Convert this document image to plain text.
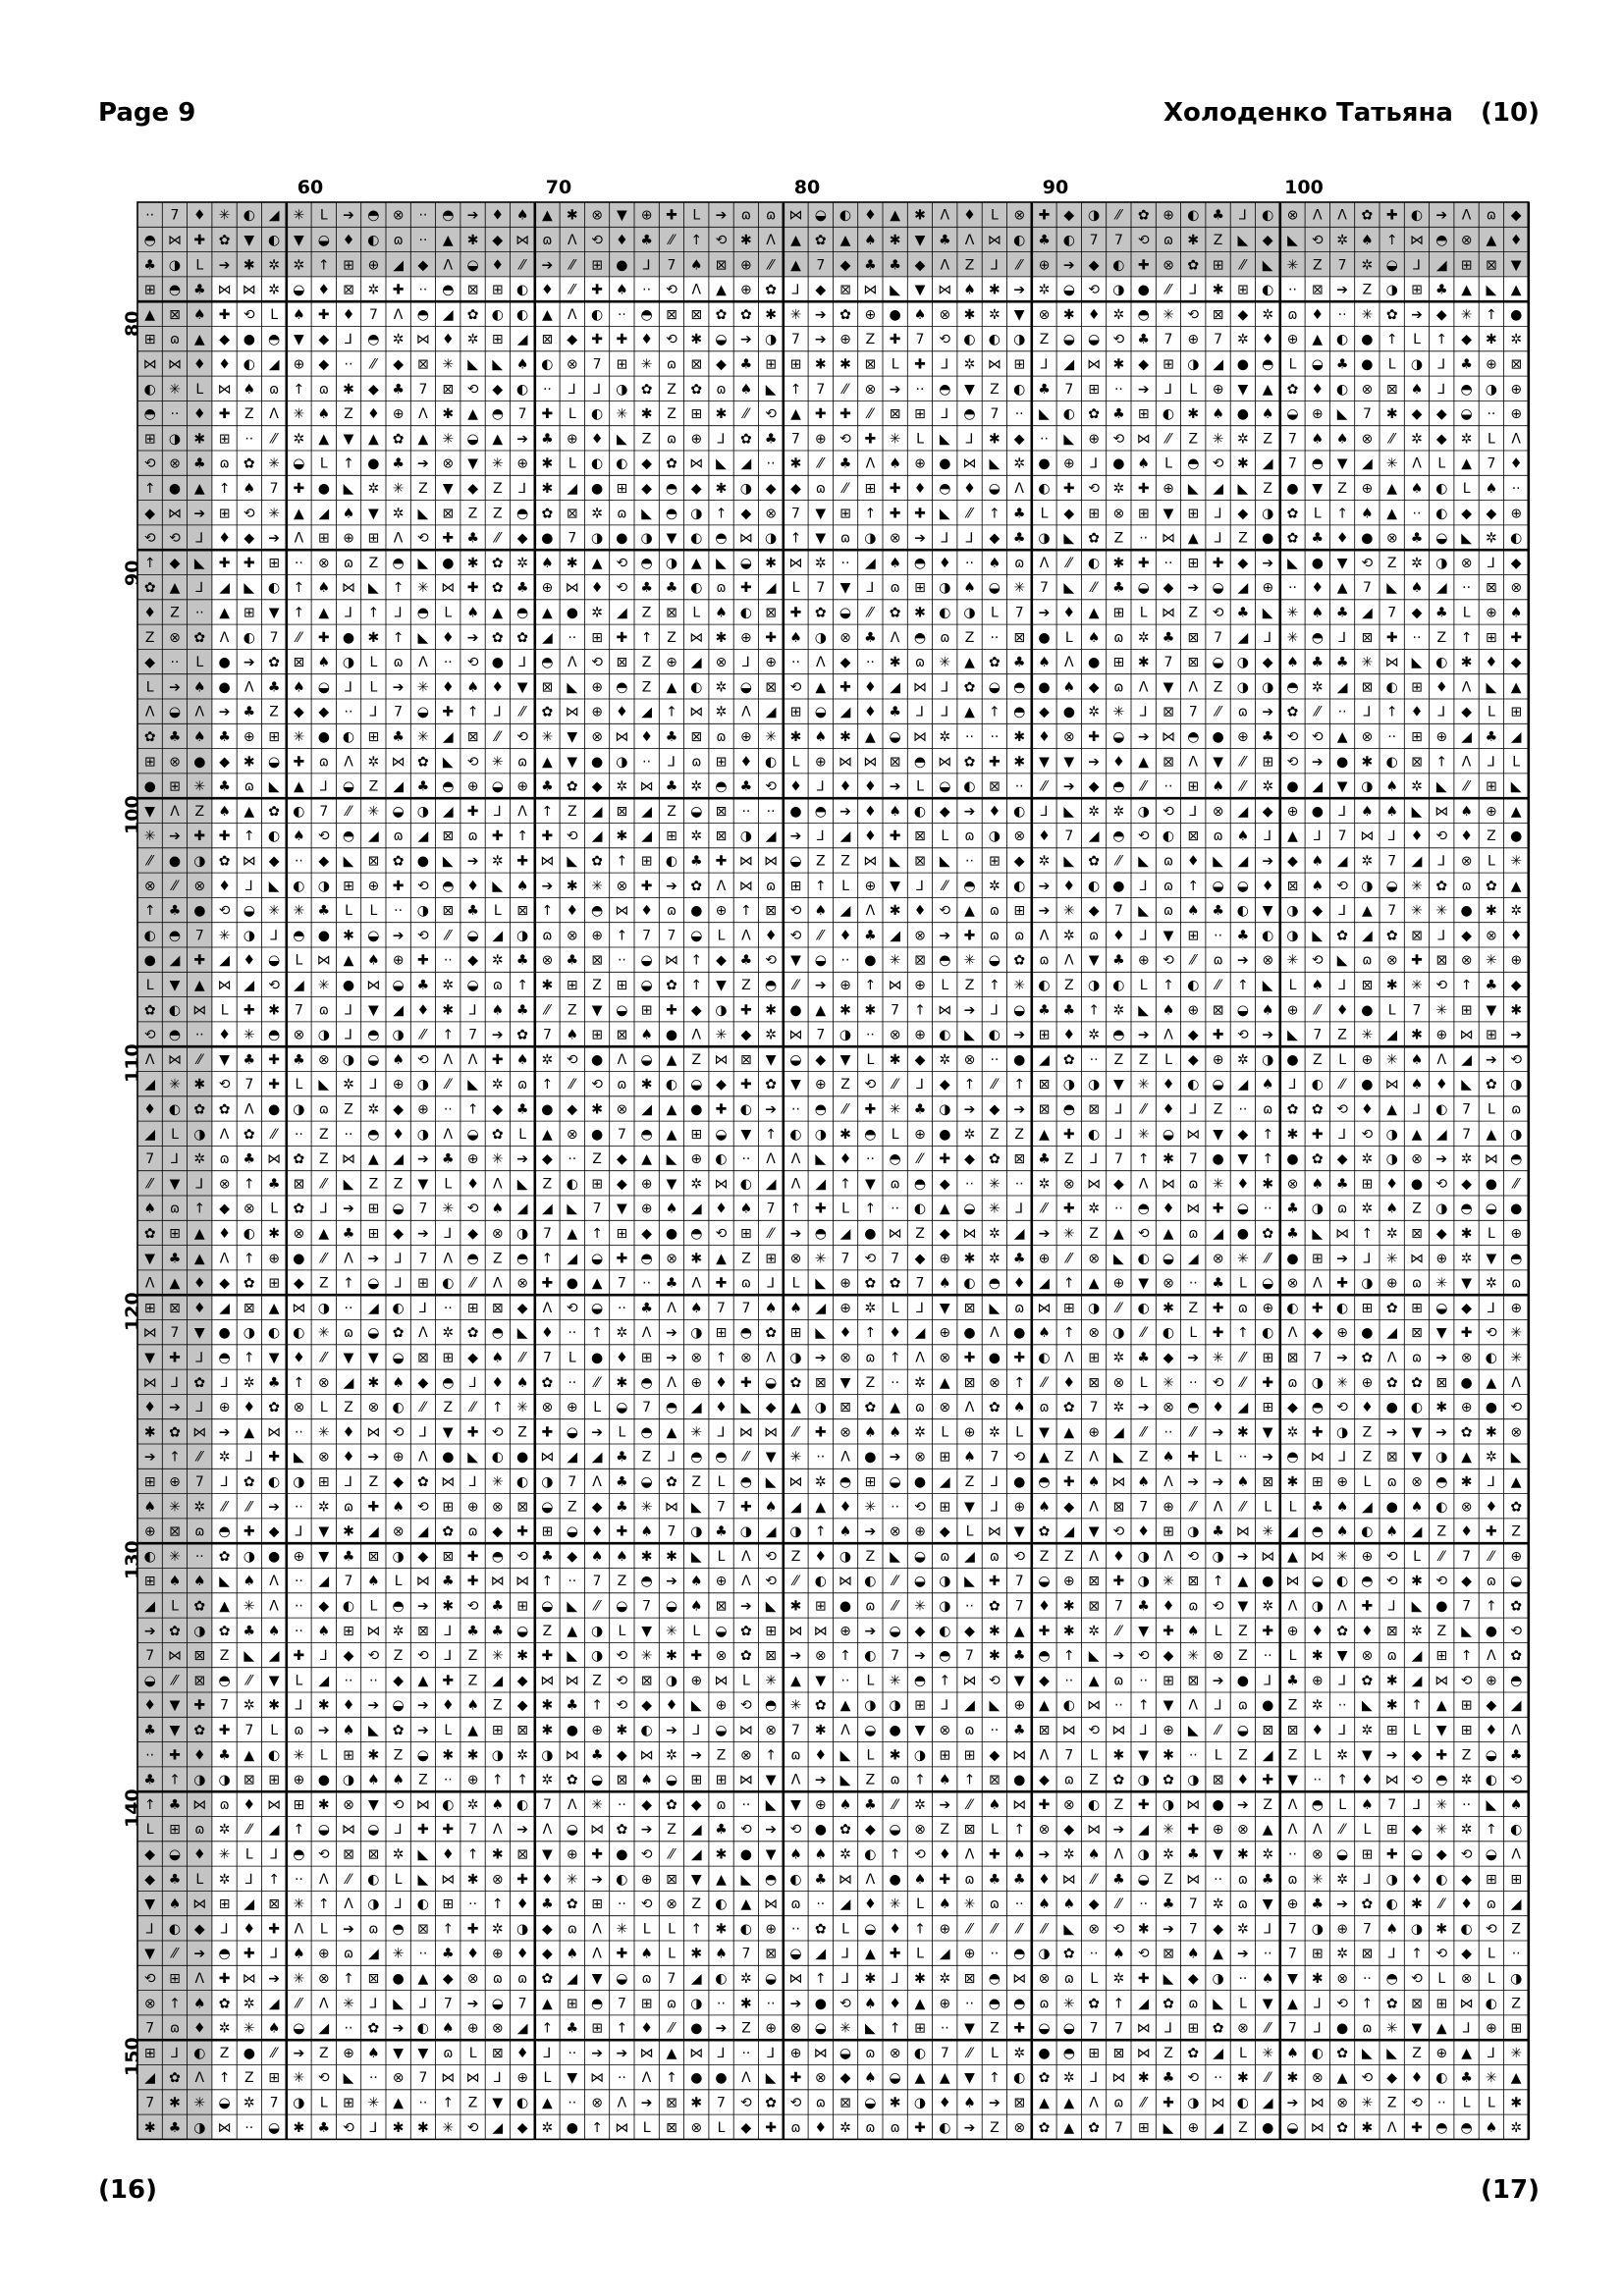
Page 9	Холоденко Татьяна (10)
60	70	80	90	100
80
90
100
110
120
130
140
150
⋅⋅ 7 ♦ ✳ ◐ ◢ ✳ L ➔ ◓ ⊗ ⋅⋅ ◓ ➔ ♦ ♠ ▲ ✱ ⊗ ▼ ⊕ ✚ L ➔ ɷ ɷ ⋈ ◒ ◐ ♦ ▲ ✱ Λ ♦ L ⊗ ✚ ◆ ◑ ⁄⁄ ✿ ⊕ ◐ ♣ ⅃ ◐ ⊗ Λ Λ ✿ ✚ ◐ ➔ Λ ɷ ◆
◓ ⋈ ✚ ✿ ▼ ◐ ▼ ◒ ♦ ◐ ɷ ⋅⋅ ▲ ✱ ◆ ⋈ ɷ Λ ⟲ ♦ ♣ ⁄⁄ ↑ ⟲ ✱ Λ ▲ ✿ ▲ ♠ ✱ ▼ ♣ Λ ⋈ ◐ ♣ ◐ 7 7 ⟲ ɷ ✱ Z ◣ ◆ ◣ ⟲ ✲ ♠ ↑ ⋈ ◓ ⊗ ▲ ♦
♣ ◑ L ➔ ✱ ✲ ✲ ↑ ⊞ ⊕ ◢ ◆ Λ ◒ ♦ ⁄⁄ ➔ ⁄⁄ ⊞ ● ⅃ 7 ♠ ⊠ ⊕ ⁄⁄ ▲ 7 ◆ ♣ ♣ ◆ Λ Z ⅃ ⁄⁄ ⊕ ➔ ◆ ◐ ✚ ⊗ ✿ ⊞ ⁄⁄ ◣ ✳ Z 7 ✲ ◒ ⅃ ◢ ⊞ ⊠ ▼
⊞ ◓ ♣ ⋈ ⋈ ✲ ◒ ♦ ⊠ ✲ ✚ ⋅⋅ ◓ ⊠ ⊞ ◐ ♦ ⁄⁄ ✚ ♠ ⋅⋅ ⟲ Λ ▲ ⊕ ✿ ⅃ ◆ ⊠ ⋈ ◣ ▼ ⋈ ♠ ✱ ➔ ✲ ◒ ⟲ ◑ ● ⁄⁄ ⅃ ✱ ⊞ ◐ ⋅⋅ ⊠ ➔ Z ◑ ⊞ ♣ ▲ ◣ ▲
▲ ⊠ ♠ ✚ ⟲ L ♠ ✚ ♦ 7 Λ ◓ ◢ ✿ ◐ ◐ ▲ Λ ◐ ⋅⋅ ◓ ⊠ ⊠ ✿ ✿ ✱ ✳ ➔ ✿ ⊕ ● ♠ ⊗ ✱ ✲ ▼ ⊗ ✱ ♦ ✲ ◓ ✳ ⟲ ⊠ ◆ ✲ ɷ ♦ ⋅⋅ ✳ ✿ ➔ ◆ ✳ ↑ ●
⊞ ɷ ▲ ◆ ● ◓ ▼ ◆ ⅃ ◓ ✲ ⋈ ♦ ✲ ⊞ ◢ ⊠ ◆ ✚ ✚ ♦ ⟲ ✱ ◒ ➔ ◑ 7 ➔ ⊕ Z ✚ 7 ⟲ ◐ ◐ ◑ Z ◒ ◒ ⟲ ♣ 7 ⊕ 7 ✲ ♦ ⊕ ▲ ◐ ● ↑ L ↑ ◆ ✱ ✲
⋈ ⋈ ♦ ♦ ◐ ◢ ⊕ ◆ ⋅⋅ ⁄⁄ ◆ ⊠ ✳ ◣ ◣ ♠ ◐ ⊗ 7 ⊞ ✳ ɷ ⊠ ◆ ♣ ⊞ ⊞ ✱ ✱ ⊠ L ✚ ⅃ ✲ ⋈ ⊞ ⅃ ◢ ⋈ ✱ ◆ ⊞ ◑ ◢ ● ◓ L ◒ ♣ ● L ◑ ⅃ ♣ ⊕ ⊠
◐ ✳ L ⋈ ♠ ɷ ↑ ɷ ✱ ◆ ♣ 7 ⊠ ⟲ ◆ ◐ ⋅⋅ ⅃ ⅃ ◑ ✿ Z ✿ ɷ ♠ ◣ ↑ 7 ⁄⁄ ⊗ ➔ ⋅⋅ ◓ ▼ Z ◐ ♣ 7 ⊞ ⋅⋅ ➔ ⅃ L ⊕ ▼ ▲ ✿ ♦ ◐ ⊗ ⊠ ♠ ⅃ ◓ ◑ ⊕
◓ ⋅⋅ ♦ ✚ Z Λ ✳ ♠ Z ♦ ⊕ Λ ✱ ▲ ◓ 7 ✚ L ◐ ✳ ✱ Z ⊞ ✱ ⁄⁄ ⟲ ▲ ✚ ✚ ⁄⁄ ⊠ ⊞ ⅃ ◓ 7 ⋅⋅ ◣ ◐ ✿ ♣ ⊞ ◐ ✱ ♠ ● ♠ ◒ ⊕ ◣ 7 ✱ ◆ ◆ ◒ ⋅⋅ ⊕
⊞ ◑ ✱ ⊞ ⋅⋅ ⁄⁄ ✲ ▲ ▼ ▲ ✿ ▲ ✳ ◒ ▲ ➔ ♣ ⊕ ♦ ◣ Z ɷ ⊕ ⅃ ✿ ♣ 7 ⊕ ⟲ ✚ ✳ L ◣ ⅃ ✱ ◆ ⋅⋅ ◣ ⊕ ⟲ ⋈ ⁄⁄ Z ✳ ✲ Z 7 ♠ ♠ ⊗ ⁄⁄ ✲ ◆ ✲ L Λ
⟲ ⊗ ♣ ɷ ✿ ✳ ◒ L ↑ ● ♣ ➔ ⊗ ▼ ✳ ⊕ ✱ L ◐ ◐ ◆ ✿ ⋈ ◣ ◢ ⋅⋅ ✱ ⁄⁄ ♣ Λ ♠ ⊕ ● ⋈ ◣ ✲ ● ⊕ ⅃ ● ♠ L ◓ ⟲ ✱ ◢ 7 ◓ ▼ ◢ ✳ Λ L ▲ 7 ♦
↑ ● ▲ ↑ ♠ 7 ✚ ● ◣ ✲ ✳ Z ▼ ◆ Z ⅃ ✱ ◢ ● ⊞ ◆ ◓ ◆ ✱ ◑ ◆ ◆ ɷ ⁄⁄ ⊞ ✚ ♦ ◓ ♦ ◒ Λ ◐ ✚ ⟲ ✲ ✚ ⊕ ◣ ◢ ◣ Z ● ▼ Z ⊕ ▲ ♠ ◐ L ♠ ⋅⋅
◆ ⋈ ➔ ⊞ ⟲ ✳ ▲ ◢ ♠ ▼ ✲ ◣ ⊠ Z Z ◓ ✿ ⊠ ✲ ɷ ◣ ◓ ◑ ↑ ◆ ⊗ 7 ▼ ⊞ ↑ ✚ ✚ ◣ ⁄⁄ ↑ ♣ L ◆ ⊞ ⊗ ⊞ ▼ ⊞ ⅃ ◆ ◑ ✿ L ↑ ♠ ▲ ⋅⋅ ◐ ◆ ◆ ⊕
⟲ ⟲ ⅃ ♦ ◆ ➔ Λ ⊞ ⊕ ⊞ Λ ⟲ ✚ ♣ ⁄⁄ ◆ ● 7 ◑ ● ◑ ▼ ◐ ◓ ⋈ ◑ ↑ ▼ ɷ ◑ ⊗ ➔ ⅃ ⅃ ◆ ♣ ◑ ◣ ✿ Z ⋅⋅ ⋈ ▲ ⅃ Z ● ✿ ♣ ♦ ● ⊗ ♣ ◒ ◣ ✲ ◐
↑ ◆ ◣ ✚ ✚ ⊞ ⋅⋅ ⊗ ɷ Z ◓ ◣ ● ✱ ✿ ✲ ♠ ✱ ▲ ⟲ ◓ ◑ ▲ ◣ ◒ ✱ ⋈ ✲ ⋅⋅ ◢ ♠ ◓ ♦ ⋅⋅ ♠ ɷ Λ ⁄⁄ ◐ ✱ ✚ ⋅⋅ ⊞ ✚ ◆ ➔ ◣ ● ▼ ⟲ Z ✲ ◑ ⊗ ⅃ ◆
✿ ▲ ⅃ ◢ ◣ ◐ ↑ ♠ ⋈ ◣ ↑ ✳ ⋈ ✚ ✿ ♣ ⊕ ⋈ ♦ ⟲ ♣ ♣ ◐ ɷ ✚ ◢ L 7 ▼ ⅃ ɷ ⊞ ◑ ♠ ◒ ✳ 7 ◣ ⁄⁄ ♣ ◒ ◆ ➔ ◒ ◢ ⊕ ⋅⋅ ♦ ▲ 7 ◣ ♠ ◢ ⋅⋅ ⊠ ⊗
♦ Z ⋅⋅ ▲ ⊞ ▼ ↑ ▲ ⅃ ↑ ⅃ ◓ L ♠ ▲ ◓ ▲ ● ✲ ◢ Z ⊠ L ♠ ◐ ⊠ ✚ ✿ ◒ ⁄⁄ ✿ ✱ ◐ ◑ L 7 ➔ ♦ ▲ ⊞ L ⋈ Z ⟲ ♣ ◣ ✳ ♠ ♣ ◢ 7 ◆ ♣ L ⊕ ♠
Z ⊗ ✿ Λ ◐ 7 ⁄⁄ ✚ ● ✱ ↑ ◣ ♦ ➔ ✿ ✿ ◢ ⋅⋅ ⊞ ✚ ↑ Z ⋈ ✱ ⊕ ✚ ♠ ◑ ⊗ ♣ Λ ◓ ɷ Z ⋅⋅ ⊠ ● L ♠ ɷ ✲ ♣ ⊠ 7 ◢ ⅃ ✳ ◓ ⅃ ⊠ ✚ ⋅⋅ Z ↑ ⊞ ✚
◆ ⋅⋅ L ● ➔ ✿ ⊠ ♠ ◑ L ɷ Λ ⋅⋅ ⟲ ● ⅃ ◓ Λ ⟲ ⊠ Z ⊕ ◢ ⊗ ⅃ ⊕ ⋅⋅ Λ ◆ ⋅⋅ ✱ ɷ ✳ ▲ ✿ ♣ ♠ Λ ● ⊞ ✱ 7 ⊠ ◒ ◑ ◆ ♠ ♣ ♣ ✳ ⋈ ◣ ◐ ✱ ♦ ◆
L ➔ ♠ ● Λ ♣ ♠ ◒ ⅃ L ➔ ✳ ♦ ♠ ♦ ▼ ⊠ ◣ ⊕ ◓ Z ▲ ◐ ✲ ◒ ⊠ ⟲ ▲ ✚ ♦ ◢ ⋈ ⅃ ✿ ◒ ◓ ● ♠ ◆ ɷ Λ ▼ Λ Z ◑ ◑ ◓ ✲ ◢ ⊠ ◐ ⊞ ♦ Λ ◣ ▲
Λ ◒ Λ ➔ ♣ Z ◆ ◆ ⋅⋅ ⅃ 7 ◒ ✚ ↑ ⅃ ⁄⁄ ✿ ⋈ ⊕ ♦ ◢ ↑ ⋈ ✲ Λ ◢ ⊞ ◒ ◢ ♦ ♣ ⅃ ⅃ ▲ ↑ ◓ ◆ ● ✲ ✳ ⅃ ⊠ 7 ⁄⁄ ɷ ➔ ✿ ⁄⁄ ⋅⋅ ⅃ ↑ ♦ ⅃ ◆ L ⊞
✿ ♣ ♠ ♣ ⊕ ⊞ ✳ ● ◐ ⊞ ♣ ✳ ◢ ⊠ ⁄⁄ ⟲ ✳ ▼ ⊗ ⋈ ♦ ♣ ⊠ ɷ ⊕ ✳ ✱ ♠ ✱ ▲ ◒ ⋈ ✲ ⋅⋅ ⋅⋅ ✱ ♦ ⊗ ✚ ◒ ➔ ⋈ ◓ ● ⊕ ♣ ⟲ ⟲ ▲ ⊗ ⋅⋅ ⊞ ⊕ ◢ ♣ ◢
⊞ ⊗ ● ◆ ✱ ◒ ✚ ɷ Λ ✲ ⋈ ✿ ◣ ⟲ ✳ ɷ ▲ ▼ ● ◑ ⋅⋅ ⅃ ɷ ⊞ ♦ ◐ L ⊕ ⋈ ⋈ ⊠ ◓ ⋈ ✿ ✚ ✱ ▼ ▼ ➔ ♦ ▲ ⊠ Λ ▼ ⁄⁄ ⊞ ⟲ ➔ ● ✱ ◐ ⊠ ↑ Λ ⅃ L
● ⊞ ✳ ♣ ɷ ◣ ▲ ⅃ ◒ Z ◢ ♣ ◓ ⊕ ◒ ⊕ ♣ ✿ ◆ ✲ ⋈ ♣ ✲ ◓ ♣ ⟲ ♦ ⅃ ♦ ♦ ➔ L ◒ ◐ ⊠ ⋅⋅ ⁄⁄ ➔ ◆ ◓ ⁄⁄ ⋅⋅ ⊞ ♠ ⁄⁄ ✲ ● ◢ ▼ ◑ ♠ ✲ ◣ ⁄⁄ ⊞ ◣
▼ Λ Z ♠ ▲ ✿ ◐ 7 ⁄⁄ ✳ ◒ ◑ ◢ ✚ ⅃ Λ ↑ Z ◢ ⊠ ◢ Z ◒ ⊠ ⋅⋅ ⋅⋅ ● ◓ ➔ ♦ ♠ ◐ ◆ ➔ ♦ ◐ ⅃ ◣ ✲ ✲ ◑ ⟲ ⅃ ⊗ ◢ ◆ ⊕ ● ⅃ ♠ ♠ ◣ ⋈ ♠ ⊕ ▲
✳ ➔ ✚ ✚ ↑ ◐ ♠ ⟲ ◓ ◢ ɷ ◢ ⊠ ɷ ✚ ↑ ✚ ⟲ ◢ ✱ ◢ ⊞ ✲ ⊠ ◑ ◢ ➔ ⅃ ◢ ♦ ✚ ⊠ L ɷ ◑ ⊗ ♦ 7 ◢ ◓ ⟲ ◐ ⊠ ɷ ♠ ⅃ ▲ ⅃ 7 ⋈ ⅃ ♦ ⟲ ♦ Z ●
⁄⁄ ● ◑ ✿ ⋈ ◆ ⋅⋅ ◆ ◣ ⊠ ✿ ● ◣ ➔ ✲ ✚ ⋈ ◣ ✿ ↑ ⊞ ◐ ♣ ✚ ⋈ ⋈ ◒ Z Z ⋈ ◣ ⊠ ◣ ⋅⋅ ⊞ ◆ ✲ ◣ ✿ ⁄⁄ ◣ ɷ ♦ ◣ ◢ ➔ ◆ ♠ ◢ ✲ 7 ◢ ⅃ ⊗ L ✳
⊗ ⁄⁄ ⊗ ♦ ⅃ ◣ ◐ ◑ ⊞ ⊕ ✚ ⟲ ◓ ♦ ◣ ♠ ➔ ✱ ✳ ⊗ ✚ ➔ ✿ Λ ⋈ ɷ ⊞ ↑ L ⊕ ▼ ⅃ ⁄⁄ ◓ ✲ ◐ ➔ ♦ ◐ ● ⅃ ɷ ↑ ◒ ◒ ♦ ⊠ ♠ ⟲ ◑ ◒ ✳ ✿ ɷ ✿ ▲
↑ ♣ ● ⟲ ◒ ✳ ✳ ♣ L L ⋅⋅ ◑ ⊠ ♣ L ⊠ ↑ ♦ ◓ ⋈ ♦ ɷ ● ⊕ ↑ ⊠ ⟲ ♠ ◢ Λ ✱ ♦ ⟲ ▲ ɷ ⊞ ➔ ✳ ◆ 7 ◣ ɷ ♠ ♣ ◐ ▼ ◑ ◆ ⅃ ▲ 7 ✳ ✳ ● ✱ ✲
◐ ◓ 7 ✳ ◑ ⅃ ◓ ● ✱ ◒ ➔ ⟲ ⁄⁄ ◒ ◢ ◑ ɷ ⊗ ⊕ ↑ 7 7 ◒ L Λ ♦ ⟲ ⁄⁄ ♦ ♣ ◢ ⊗ ➔ ✚ ɷ ɷ Λ ✲ ɷ ♦ ⅃ ▼ ⊞ ⋅⋅ ♣ ◐ ◑ ◣ ✿ ◢ ✿ ⊠ ⅃ ◆ ⊗ ♦
● ◢ ✚ ◢ ♦ ◒ L ⋈ ▲ ♠ ⊕ ✚ ⋅⋅ ◆ ✲ ♣ ⊗ ♣ ⊠ ⋅⋅ ◒ ⋈ ↑ ◆ ♣ ⟲ ▼ ◒ ⋅⋅ ● ✳ ⊠ ◓ ✳ ◒ ✿ ɷ Λ ▼ ♣ ⊕ ⟲ ⁄⁄ ɷ ➔ ⊗ ✳ ⟲ ◣ ɷ ⊗ ✚ ⊠ ⊗ ✳ ⊕
L ▼ ▲ ⋈ ◢ ⟲ ◢ ✳ ● ⋈ ◒ ♣ ✲ ◒ ɷ ↑ ✱ ⊞ Z ⊞ ◒ ✿ ↑ ▼ Z ◓ ⁄⁄ ➔ ⊕ ↑ ⋈ ⊕ L Z ↑ ✳ ◐ Z ◑ ◐ L ↑ ◐ ⁄⁄ ↑ ◣ L ♠ ⅃ ⊠ ✱ ✳ ⟲ ↑ ♣ ◆
✿ ◐ ⋈ L ✚ ✱ 7 ɷ ⅃ ▼ ◢ ♦ ✱ ⅃ ♠ ♣ ⁄⁄ Z ▼ ◒ ⊞ ✚ ◆ ◑ ✚ ✱ ● ▲ ✱ ✱ 7 ↑ ⋈ ➔ ⅃ ◒ ♣ ♣ ↑ ✲ ◣ ♠ ⊕ ⊠ ◒ ♠ ⊕ ⁄⁄ ♦ ● L 7 ✳ ⊞ ▼ ✱
⟲ ◓ ⋅⋅ ♦ ✳ ◓ ⊗ ◑ ⅃ ◓ ◑ ⁄⁄ ↑ 7 ➔ ✿ 7 ♠ ⊞ ⊠ ♠ ● Λ ✳ ◆ ✲ ⋈ 7 ◑ ⋅⋅ ⊗ ⊕ ◐ ◣ ◐ ➔ ⊞ ♦ ✲ ◓ ➔ Λ ◆ ✚ ⟲ ➔ ◣ 7 Z ✳ ◢ ✱ ⊕ ⋈ ⊞ ➔
Λ ⋈ ⁄⁄ ▼ ♣ ✚ ♣ ⊗ ◑ ◒ ♠ ⟲ Λ Λ ✚ ♠ ✲ ⟲ ● Λ ◒ ▲ Z ⋈ ⊠ ▼ ◒ ◆ ▼ L ✱ ◆ ✲ ⊗ ⋅⋅ ● ◢ ✿ ⋅⋅ Z Z L ◆ ⊕ ✲ ◑ ● Z L ⊕ ✳ ♠ Λ ◢ ➔ ⟲
◢ ✳ ✱ ⟲ 7 ✚ L ◣ ✲ ⅃ ⊕ ◑ ⁄⁄ ◣ ✲ ɷ ↑ ⁄⁄ ⟲ ɷ ✱ ◐ ◒ ◆ ✚ ✿ ▼ ⊕ Z ⟲ ⁄⁄ ⅃ ◆ ↑ ⁄⁄ ↑ ⊠ ◑ ◑ ▼ ✳ ♦ ◐ ◒ ◢ ♠ ⅃ ◐ ⁄⁄ ● ⋈ ♠ ♦ ◣ ✿ ◑
♦ ◐ ✿ ✿ Λ ● ◑ ɷ Z ✲ ◆ ⊕ ⋅⋅ ↑ ◆ ♣ ● ◆ ✱ ⊗ ◢ ▲ ● ✚ ◐ ➔ ⋅⋅ ◓ ⁄⁄ ✚ ✳ ♣ ◑ ➔ ◆ ➔ ⊠ ◓ ⊠ ⅃ ⁄⁄ ♦ ⅃ Z ⋅⋅ ɷ ✿ ✿ ⟲ ♦ ▲ ⅃ ◐ 7 L ɷ
◢ L ◑ Λ ✿ ⁄⁄ ⋅⋅ Z ⋅⋅ ◓ ♦ ◑ Λ ◒ ✿ L ▲ ⊗ ● 7 ◓ ▲ ⊞ ◒ ▼ ↑ ◐ ◑ ✱ ◓ L ⊕ ● ✲ Z Z ▲ ✚ ◐ ⅃ ✳ ◒ ⋈ ▼ ◆ ↑ ✱ ✚ ⅃ ⟲ ◑ ▲ ◢ 7 ▲ ◑
7 ⅃ ✲ ɷ ♣ ⋈ ✿ Z ⋈ ▲ ◢ ➔ ♣ ⊕ ✳ ➔ ◆ ⋅⋅ Z ◆ ▲ ◣ ⊕ ◐ ⋅⋅ Λ Λ ◣ ♦ ⋅⋅ ◓ ⁄⁄ ✚ ◆ ✿ ⊠ ♣ Z ⅃ 7 ↑ ✱ 7 ● ▼ ↑ ● ✿ ◆ ✲ ◑ ⊗ ➔ ✲ ⋈ ◓
⁄⁄ ▼ ⅃ ⊗ ↑ ♣ ⊠ ⁄⁄ ◣ Z Z ▼ L ♦ Λ ◣ Z ◐ ⊞ ◆ ⊕ ▼ ✲ ⋈ ◐ ◢ Λ ◢ ↑ ▼ ɷ ◓ ◆ ⋅⋅ ✳ ⋅⋅ ✲ ⊗ ⋈ ◆ Λ ⋈ ɷ ✳ ♦ ✱ ⊗ ♠ ♣ ⊞ ♦ ● ⟲ ◆ ● ⁄⁄
♠ ɷ ↑ ◆ ⊗ L ✿ ⅃ ➔ ⊞ ◒ 7 ✳ ⟲ ♠ ◢ ◢ ◣ 7 ▼ ⊕ ♠ ◢ ♦ ♠ 7 ↑ ✚ L ↑ ⋅⋅ ◐ ▲ ◒ ✳ ⅃ ⁄⁄ ✚ ✲ ⋅⋅ ◓ ♦ ⋈ ✚ ◒ ⋅⋅ ♣ ◑ ɷ ✲ ♠ Z ◑ ◓ ◒ ●
✿ ⊞ ▲ ♦ ◐ ✱ ⊗ ▲ ♣ ⊞ ◆ ➔ ⅃ ◆ ⊗ ◑ 7 ▲ ↑ ⊞ ◆ ● ◓ ⟲ ⊞ ⁄⁄ ➔ ◓ ◢ ● ⋈ Z ◆ ⋈ ✲ ◢ ➔ ✳ Z ▲ ⟲ ▲ ɷ ◢ ● ✿ ♣ ◣ ⋈ ↑ ✲ ⊠ ◆ ✱ L ⊕
▼ ♣ ▲ Λ ↑ ⊕ ● ⁄⁄ Λ ➔ ⅃ 7 Λ ◓ Z ◓ ↑ ◢ ◒ ✚ ◓ ⊗ ✱ ▲ Z ⊞ ⊗ ✳ 7 ⟲ 7 ◆ ⊕ ✱ ✲ ♣ ⊕ ⁄⁄ ⊗ ◣ ◐ ◒ ◢ ⊗ ✳ ⁄⁄ ● ⊞ ➔ ⅃ ✳ ⋈ ⊕ ✲ ▼ ◓
Λ ▲ ♦ ◆ ✿ ⊞ ◆ Z ↑ ◒ ⅃ ⊞ ◐ ⁄⁄ Λ ⊗ ✚ ● ▲ 7 ⋅⋅ ♣ Λ ✚ ɷ ⅃ L ◣ ⊕ ✿ ✿ 7 ♠ ◐ ◓ ♦ ◢ ↑ ▲ ⊕ ▼ ⊗ ⋅⋅ ♣ L ◒ ⊗ Λ ✚ ◑ ⊕ ɷ ✳ ▼ ✲ ɷ
⊞ ⊠ ♦ ◢ ⊠ ▲ ⋈ ◑ ⋅⋅ ◢ ◐ ⅃ ⋅⋅ ⊞ ⊠ ◆ Λ ⟲ ◒ ⋅⋅ ♣ Λ ♠ 7 7 ♠ ♠ ◢ ⊕ ✲ L ⅃ ▼ ⊠ ◣ ɷ ⋈ ⊞ ◑ ⁄⁄ ◐ ✱ Z ✚ ɷ ⊕ ◐ ✚ ◐ ⊞ ✿ ⊞ ◒ ◆ ⅃ ⊕
⋈ 7 ▼ ● ◑ ◐ ◐ ✳ ɷ ◒ ✿ Λ ✲ ✿ ◓ ◣ ♦ ⋅⋅ ↑ ✲ Λ ➔ ◑ ⊞ ◓ ✿ ⊞ ◣ ♦ ↑ ♦ ◢ ⊕ ● Λ ● ♠ ↑ ⊗ ◑ ⁄⁄ ◐ L ✚ ↑ ◐ Λ ◆ ⊕ ● ◢ ⊠ ▼ ✚ ⟲ ✳
▼ ✚ ⅃ ◓ ↑ ▼ ♦ ⁄⁄ ▼ ▼ ◒ ⊠ ⊞ ◆ ♠ ⁄⁄ 7 L ● ♦ ⊞ ➔ ⊗ ↑ ⊗ Λ ◑ ➔ ⊗ ɷ ↑ Λ ⊗ ✚ ● ✚ ◐ Λ ⊞ ✲ ♣ ◆ ➔ ✳ ⁄⁄ ⊞ ⊠ 7 ➔ ✿ Λ ɷ ➔ ⊗ ◐ ✳
⋈ ⅃ ✿ ⅃ ✲ ♣ ↑ ⊗ ◢ ✱ ♠ ◆ ◓ ⅃ ♦ ♠ ✿ ⋅⋅ ⁄⁄ ✱ ◓ Λ ⊕ ♦ ✚ ◒ ✿ ⊠ ▼ Z ⋅⋅ ✲ ▲ ⊠ ⊗ ↑ ⁄⁄ ♦ ⊠ ⊗ L ✳ ⋅⋅ ⟲ ⁄⁄ ✚ ɷ ◑ ✳ ⊕ ✿ ✿ ⊠ ● ▲ Λ
♦ ➔ ⅃ ⊕ ♦ ✿ ⊗ L Z ⊗ ◐ ⁄⁄ Z ⁄⁄ ↑ ✳ ⊗ ⊕ L ◒ 7 ◓ ◢ ♦ ◣ ◆ ▲ ◑ ⊠ ✿ ▲ ɷ ⊗ Λ ✿ ♠ ɷ ✿ 7 ✲ ➔ ⊗ ◓ ♦ ◢ ⊞ ◆ ◓ ⟲ ♦ ● ◐ ✱ ⊕ ● ⟲
✱ ✿ ⋈ ➔ ▲ ⋈ ⋅⋅ ✳ ♦ ⋈ ⟲ ⅃ ▼ ✚ ⟲ Z ✚ ◒ ➔ L ◓ ▲ ✳ ⅃ ⋈ ⋈ ⁄⁄ ✚ ⊗ ♠ ♠ ✲ L ⊕ ✲ L ▼ ▲ ⊕ ◢ ⁄⁄ ⋅⋅ ⁄⁄ ➔ ✱ ▼ ✲ ✚ ◑ Z ➔ ▼ ➔ ✿ ✱ ⊗
➔ ↑ ⁄⁄ ✲ ⅃ ✚ ◣ ⊗ ♦ ➔ ⊕ Λ ● ◣ ◐ ● ⋈ ◢ ◢ ♣ Z ⅃ ◓ ◓ ⁄⁄ ▼ ✳ ⋅⋅ Λ ● ➔ ⊗ ⊞ ♠ 7 ⟲ ▲ Z Λ ◣ Z ♠ ✚ L ⋅⋅ ➔ ◓ ⋈ ⅃ Z ⊠ ▼ ◑ ▲ ✲ ◣
⊞ ⊕ 7 ⅃ ✿ ◐ ◑ ⊞ ⅃ Z ◆ ✿ ⋈ ⅃ ✳ ◐ ◑ 7 Λ ♣ ◒ ✿ Z L ◓ ◣ ⋈ ✲ ◓ ⊞ ◒ ● ◢ Z ⅃ ● ◓ ✚ ♠ ⋈ ♠ Λ ➔ ➔ ♠ ⊠ ✱ ⊞ ⊕ L ɷ ⊗ ◓ ✱ ⅃ ▲
♠ ✳ ✲ ⁄⁄ ⁄⁄ ➔ ⋅⋅ ✲ ɷ ✚ ♠ ⟲ ⊞ ⊕ ⊗ ⊠ ◒ Z ◆ ♣ ✳ ⋈ ◣ 7 ✚ ♠ ◢ ▲ ♦ ✳ ⋅⋅ ⟲ ⊞ ▼ ⅃ ⊕ ♠ ◆ Λ ⊠ 7 ⊕ ⁄⁄ Λ ⁄⁄ L L ♣ ♠ ◢ ● ♠ ◐ ⊗ ♦ ✿
⊕ ⊠ ɷ ◓ ✚ ◆ ⅃ ▼ ✱ ◢ ⊗ ◢ ✿ ɷ ◆ ✚ ⊞ ◒ ♦ ✚ ♠ 7 ◑ ♣ ◑ ◢ ◑ ↑ ♠ ➔ ⊗ ⊕ ◆ L ⋈ ▼ ✿ ◢ ▼ ⟲ ♦ ⊞ ◑ ♣ ⋈ ✳ ◢ ◓ ♠ ◐ ♠ ◢ Z ♦ ✚ Z
◐ ✳ ⋅⋅ ✿ ◑ ● ⊕ ▼ ♣ ⊠ ◑ ◆ ⊠ ✚ ◓ ⟲ ♣ ◆ ♠ ♠ ✱ ✱ ◣ L Λ ⟲ Z ♦ ◑ Z ◣ ◒ ɷ ◢ ɷ ⟲ Z Z Λ ♦ ◑ Λ ⟲ ◑ ➔ ⋈ ▲ ⋈ ✳ ⊕ ⟲ L ⁄⁄ 7 ⁄⁄ ⊕
⊞ ♠ ♠ ◣ ♠ Λ ⋅⋅ ◢ 7 ♠ L ⋈ ♣ ✚ ⋈ ⋈ ↑ ⋅⋅ 7 Z ◓ ➔ ♠ ⊕ Λ ⟲ ⁄⁄ ◐ ⋈ ◐ ⁄⁄ ◒ ◑ ◣ ✚ 7 ◒ ⊕ ⊠ ✚ ◑ ✳ ⊠ ↑ ▲ ● ⋈ ◒ ◐ ◓ ⟲ ✱ ⟲ ◆ ɷ ◒
◢ L ✿ ▲ ✳ Λ ⋅⋅ ◆ ◐ L ◓ ➔ ✱ ⟲ ♣ ⊞ ◒ ◣ ⁄⁄ ◒ 7 ◒ ♠ ⊠ ➔ ◣ ✱ ⊞ ● ɷ ⁄⁄ ✳ ◑ ⋅⋅ ✿ 7 ♦ ✱ ⊠ 7 ♣ ♦ ɷ ⟲ ▼ ✲ Λ ◑ Λ ✚ ⅃ ◣ ● 7 ↑ ✿
➔ ✿ ◑ ✿ ♣ ♠ ⋅⋅ ♠ ⊞ ⋈ ✲ ⊠ ⅃ ♣ ♣ ◒ Z ▲ ◑ L ▼ ✳ L ◒ ✿ ⊞ ⋈ ⋈ ⊕ ➔ ◒ ◆ ◐ ◆ ✱ ▲ ✚ ✱ ✲ ⁄⁄ ▼ ✚ ♠ L Z ✚ ⊕ ♦ ✿ ♦ ⊠ ✲ Z ◣ ● ⟲
7 ⋈ ⊠ Z ◣ ◢ ✚ ⅃ ◆ ⟲ Z ⟲ ⅃ Z ✳ ✱ ✚ ◣ ◑ ⟲ ✳ ✱ ✚ ⊗ ✿ ⊠ ➔ ⊗ ↑ ◐ 7 ➔ ◓ 7 ✱ ♣ ◓ ↑ ◣ ➔ ⟲ ◆ ✳ ⊗ Z ⋅⋅ L ✱ ▼ ⊗ ɷ ◢ ⊞ ↑ Λ ✿
◒ ⁄⁄ ⊠ ◓ ⁄⁄ ▼ L ◢ ⋅⋅ ⋅⋅ ◆ ▲ ✚ Z ◢ ◆ ⋈ ⋈ Z ⟲ ⊠ ◑ ⊕ ⋈ L ✳ ▲ ▼ ⋅⋅ L ✳ ◓ ↑ ⋈ ⟲ ▼ ◆ ⋅⋅ ▲ ɷ ⋅⋅ ⊞ ⊠ ➔ ● ⅃ ♣ ⊕ ⅃ ✿ ✱ ◢ ⋈ ⟲ ⊕ ◓
♦ ▼ ✚ 7 ✲ ✱ ⅃ ✱ ♦ ➔ ◒ ➔ ♦ ♠ Z ◆ ✱ ♣ ↑ ⟲ ◆ ♦ ◣ ⊕ ⟲ ◓ ✳ ✿ ▲ ◑ ◑ ⊞ ⅃ ◢ ◣ ⊕ ▲ ◐ ⋈ ⋅⋅ ↑ ▼ Λ ⅃ ɷ ● Z ✲ ⋅⋅ ◣ ✱ ↑ ▲ ⊞ ◆ ◢
♣ ▼ ✿ ✚ 7 L ɷ ➔ ♠ ◣ ✿ ➔ L ▲ ⊞ ⊠ ✱ ● ⊕ ✱ ◐ ➔ ⅃ ◒ ⋈ ⊗ 7 ✱ Λ ◒ ● ▼ ⊗ ɷ ⋅⋅ ♣ ⊠ ⋈ ⟲ ⋈ ⅃ ⊕ ◣ ⁄⁄ ◒ ⊠ ⊠ ♦ ⅃ ✲ ⊞ L ▼ ⊞ ♦ Λ
⋅⋅ ✚ ♦ ♣ ▲ ◐ ✳ L ⊞ ✱ Z ◒ ✱ ✱ ◑ ✲ ◑ ⋈ ♣ ◆ ⋈ ✲ ➔ Z ⊗ ↑ ɷ ♦ ◣ L ✱ ◑ ⊞ ⊞ ◆ ⋈ Λ 7 L ✱ ▼ ✱ ⋅⋅ L Z ◢ Z L ✲ ▼ ➔ ◆ ✚ Z ◒ ♣
♣ ↑ ◑ ◑ ⊠ ⊞ ⊕ ● ◑ ♠ ♠ Z ⋅⋅ ⊕ ↑ ↑ ✲ ✿ ◒ ⊠ ♠ ◒ ⊞ ⊞ ⋈ ▼ Λ ➔ ◣ Z ɷ ↑ ♠ ↑ ⊠ ● ◆ ɷ Z ✿ ◑ ✿ ◑ ⊠ ♦ ✚ ▼ ⋅⋅ ↑ ♦ ⋈ ⟲ ◓ ✲ ◐ ⟲
↑ ♣ ⋈ ɷ ♦ ⋈ ⊞ ✱ ⊗ ▼ ⟲ ⋈ ◐ ✲ ♠ ◐ 7 Λ ✳ ⋅⋅ ◆ ✿ ◆ ɷ ⋅⋅ ◣ ▼ ⊕ ♠ ♣ ⁄⁄ ✲ ➔ ⁄⁄ ♠ ⋈ ✚ ⊗ ◐ Z ✚ ◑ ⋈ ● ➔ Z Λ ◓ L ♠ 7 ⅃ ✳ ⋅⋅ ◣ ♠
L ⊞ ɷ ✲ ⁄⁄ ◢ ↑ ◒ ⋈ ◒ ⅃ ✚ ✚ 7 Λ ➔ Λ ◒ ⋈ ✿ ➔ Z ◢ ♣ ⟲ ➔ ⟲ ● ✿ ◆ ◒ ⊗ Z ⊠ L ↑ ⊗ ◆ ⋈ ➔ ◢ ✳ ✚ ⊕ ⊗ ▲ Λ Λ ⁄⁄ L ⊞ ◆ ✳ ✲ ↑ ◐
◆ ◒ ♦ ✳ L ⅃ ◓ ⟲ ⊠ ⊠ ✲ ◣ ♦ ↑ ✱ ⊠ ▼ ⊕ ✚ ● ⟲ ⁄⁄ ◢ ✱ ● ▼ ♠ ♠ ✲ ◐ ↑ ⟲ ♦ Λ ✚ ♠ ➔ ✲ ♠ Λ ◑ ✲ ♣ ▼ ✱ ✲ ⋅⋅ ⊗ ◒ ⊞ ✚ ◒ ◆ ⟲ ◒ Λ
◆ ♣ L ✲ ⅃ ↑ ⋅⋅ Λ ⁄⁄ ◐ L ◣ ⋈ ✱ ⊗ ✚ ♦ ✳ ➔ ◐ ⊕ ⊠ ▼ ▲ ◣ ◓ ◐ ♣ ⋈ Λ ● ♠ ✚ ɷ ♣ ♣ ♦ ⋈ ⁄⁄ ♣ ◒ Z ⋈ ⋅⋅ ɷ ♣ ɷ ✳ ✲ ⅃ ◑ ♦ ◐ ◆ ⊞ ⊞
▼ ♠ ⋈ ⊞ ◢ ⊠ ✳ ↑ Λ ◑ ⅃ ◐ ⊞ ⋅⋅ ↑ ♦ ♣ ✿ ⊞ ⋅⋅ ⟲ ⊗ Z ◐ ▲ ⋈ ɷ ⋅⋅ ◢ ♦ ✳ L ♠ ✳ ɷ ⋅⋅ ♠ ♠ ◆ ⁄⁄ ⋅⋅ ♣ 7 ✲ ɷ ▼ ⊕ ♣ ➔ ✿ ◐ ✱ ⁄⁄ ♦ ɷ ◢
⅃ ◐ ◆ ⅃ ♦ ✚ Λ L ➔ ɷ ◓ ⊠ ↑ ✚ ✲ ◑ ◆ ɷ Λ ✳ L L ↑ ✱ ◐ ⊕ ⋅⋅ ✿ L ◒ ♦ ↑ ⊕ ⁄⁄ ⁄⁄ ⁄⁄ ⁄⁄ ◣ ⊗ ⟲ ✱ ➔ 7 ◆ ✲ ⅃ 7 ◑ ⊕ 7 ♠ ◑ ✱ ◐ ⟲ Z
▼ ⁄⁄ ➔ ◓ ✚ ⅃ ♠ ⊕ ɷ ◢ ✳ ⋅⋅ ♣ ♦ ⊕ ♦ ◆ ♠ Λ ✚ ♠ L ✱ ♠ 7 ⊠ ◒ ◢ ⅃ ▲ ✚ L ◢ ⊕ ⋅⋅ ◓ ◑ ✿ ⋅⋅ ♠ ⟲ ⊠ ♠ ▲ ➔ ⋅⋅ 7 ⊞ ✲ ⊠ ⅃ ↑ ⟲ ◆ L ⋅⋅
⟲ ⊞ Λ ✚ ⋈ ➔ ✳ ⊗ ↑ ⊠ ● ▲ ◆ ⊗ ɷ ɷ ✿ ◢ ▼ ◒ ɷ 7 ◢ ◐ ✲ ◒ ⋈ ↑ ⅃ ✱ ⅃ ✱ ✲ ⊠ ◓ ⋈ ⊗ ɷ L ✲ ✚ ◣ ◆ ◑ ⋅⋅ ♠ ▼ ✱ ⊗ ⋅⋅ ◓ ⟲ L ⊗ L ◑
⊗ ↑ ♠ ✿ ✲ ◢ ⁄⁄ Λ ✳ ⅃ ◣ ⅃ 7 ➔ ◒ 7 ▲ ⊞ ◓ 7 ⊞ ɷ ◑ ⋅⋅ ✱ ⋅⋅ ➔ ● ⟲ ♠ ♦ ▲ ⊕ ⋅⋅ ◓ ◓ ɷ ✳ ✿ ↑ ◢ ✿ ɷ ◣ L ▼ ▲ ⅃ ⟲ ↑ ✿ ⊠ ⊞ ⋈ ◐ Z
7 ɷ ♦ ✲ ✳ ♠ ◒ ◢ ⋅⋅ ✿ ➔ ◐ ♠ ⊕ ⊗ ◢ ↑ ♣ ⊞ ↑ ♦ ⁄⁄ ● ➔ Z ⊕ ⊗ ◒ ✳ ◣ ↑ ⊞ ⋅⋅ ▼ Z ✚ ◒ ◒ 7 7 ⋈ ⅃ ⊞ ✿ ⊗ ⁄⁄ 7 ⅃ ● ɷ ✳ ▼ ▲ ⅃ ⊕ ⊞
⊞ ⅃ ◐ Z ● ⁄⁄ ➔ Z ⊕ ♠ ▼ ▼ ɷ L ⊠ ♦ ⅃ ⋅⋅ ➔ ➔ ⋈ ▲ ⋈ ⅃ ⋅⋅ ⅃ ⊕ ⋈ ◒ ɷ ⊗ ◐ 7 ⁄⁄ L ✲ ● ◓ ⊞ ⊠ ⋈ Z ✿ ◢ L ✳ ♠ ◐ ✿ ◣ ◣ Z ⊕ ▲ ⅃ ✳
◢ ✿ Λ ↑ Z ⊞ ✳ ⟲ ◣ ⋅⋅ ⊗ 7 ⋈ ⋈ ⅃ ⊕ L ▼ ⋈ ⋅⋅ Λ ↑ ● ● Λ ◣ ✚ ⊗ ◆ ♠ ◒ ▲ ▲ ▼ ↑ ◐ ✿ ✲ ⅃ ⋈ ✱ ♣ ⟲ ⋅⋅ ✱ ⁄⁄ ✱ ⊗ ▲ ⟲ ◆ ♦ ◐ ♣ ✳ ▲
7 ✱ ✳ ◒ ✲ 7 ◑ L ⊞ ✳ ▲ ⋅⋅ ↑ Z ▼ ◐ ▲ ⋅⋅ ⊗ Λ ➔ ⊠ ✱ 7 ⟲ ✿ ⟲ ɷ ⊠ ◒ ✱ ◑ ♦ ♠ ➔ ⊠ ▲ ▲ Λ ɷ ⁄⁄ ✚ ◑ ⋈ ◐ ◢ ➔ ⋈ ⊗ ✳ Z ⟲ ⋅⋅ L L ✱
✱ ♣ ◑ ⋈ ⋅⋅ ◒ ✱ ♣ ⟲ ⅃ ✱ ✱ ✳ ⟲ ◢ ◆ ✲ ● ↑ ⋈ L ⊠ ⊗ L ◆ ✚ ɷ ♦ ✲ ɷ ɷ ✚ ◐ ➔ Z ⊗ ✿ ▲ ✿ 7 ⊞ ◣ ⊕ ◢ Z ● ◒ ⋈ ✿ ✱ Λ ✚ ◓ ◓ ♠ ✲
(16)	(17)
